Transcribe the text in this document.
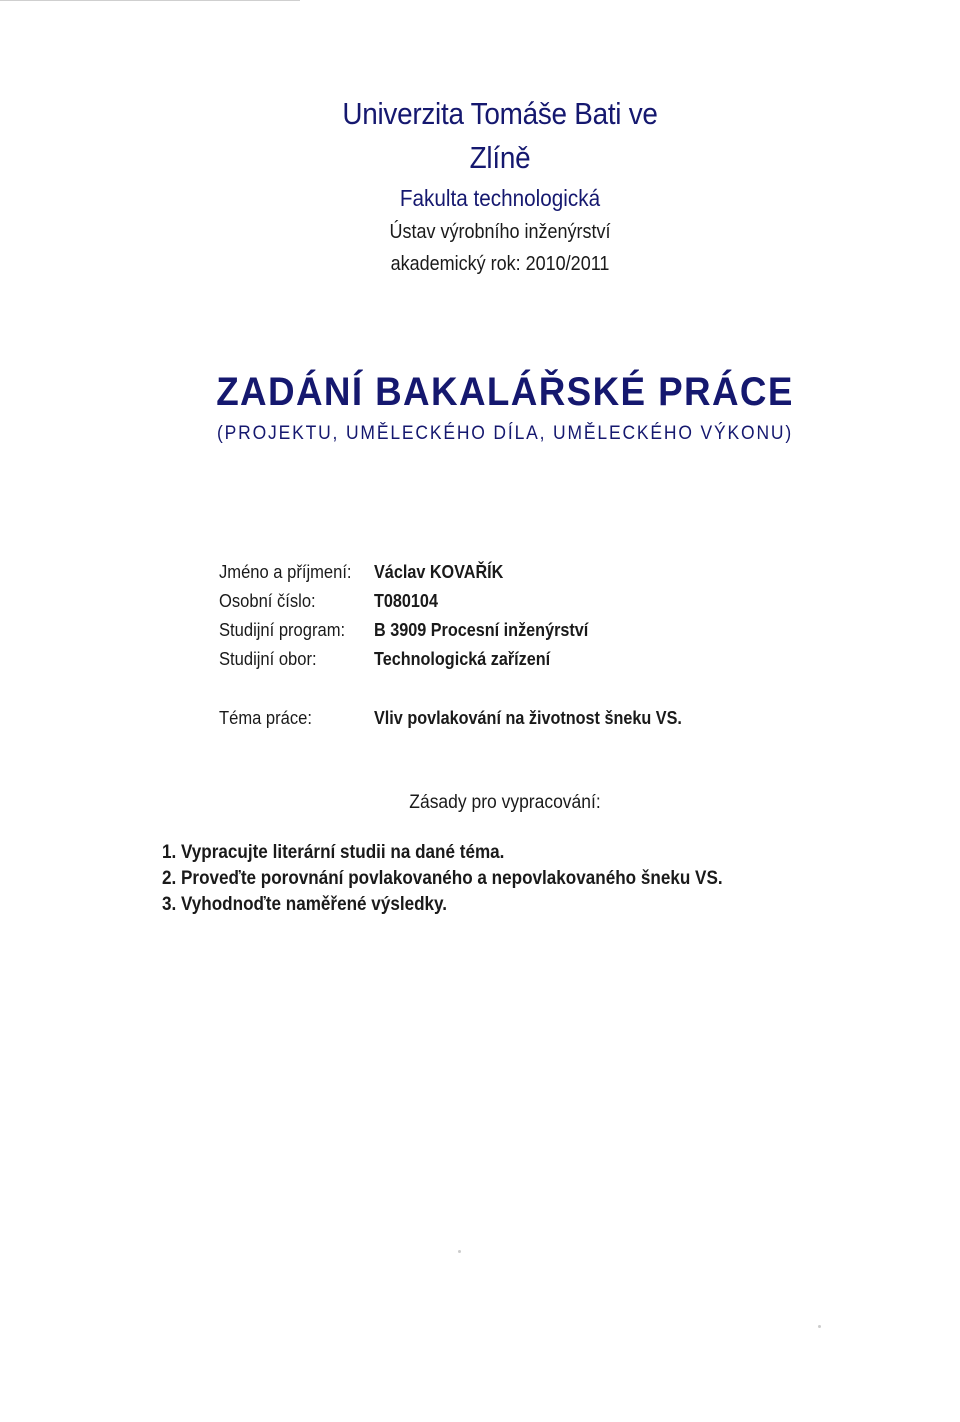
Univerzita Tomáše Bati ve Zlíně
Fakulta technologická
Ústav výrobního inženýrství
akademický rok: 2010/2011
ZADÁNÍ BAKALÁŘSKÉ PRÁCE
(PROJEKTU, UMĚLECKÉHO DÍLA, UMĚLECKÉHO VÝKONU)
Jméno a příjmení:	Václav KOVAŘÍK
Osobní číslo:	T080104
Studijní program:	B 3909 Procesní inženýrství
Studijní obor:	Technologická zařízení
Téma práce:	Vliv povlakování na životnost šneku VS.
Zásady pro vypracování:
1. Vypracujte literární studii na dané téma.
2. Proveďte porovnání povlakovaného a nepovlakovaného šneku VS.
3. Vyhodnoďte naměřené výsledky.
